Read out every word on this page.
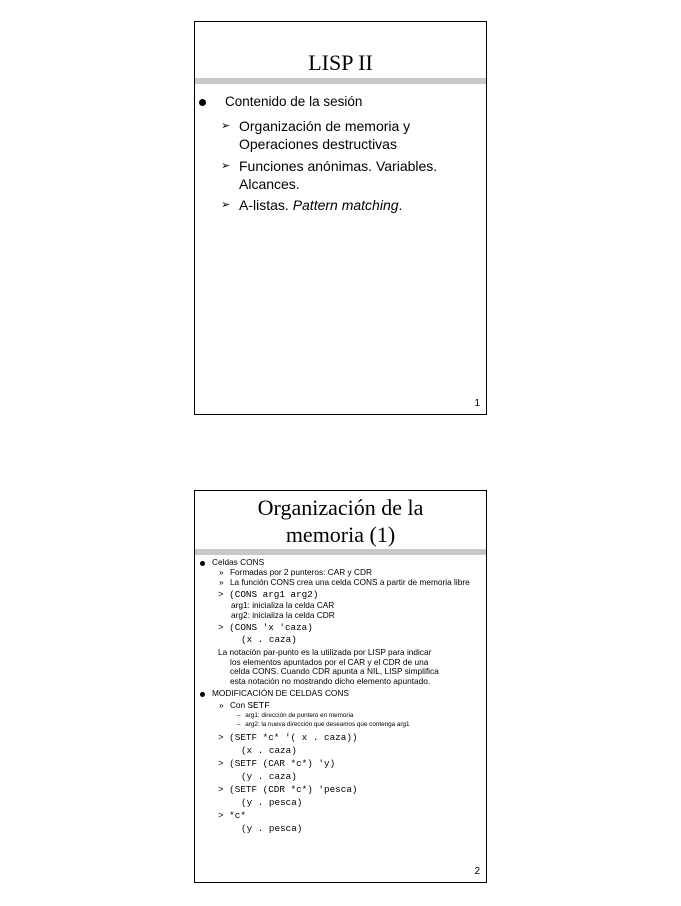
LISP II
Contenido de la sesión
➢ Organización de memoria y
Operaciones destructivas
➢ Funciones anónimas. Variables.
Alcances.
➢ A-listas. Pattern matching.
1
Organización de la
memoria (1)
Celdas CONS
» Formadas por 2 punteros: CAR y CDR
» La función CONS crea una celda CONS a partir de memoria libre
> (CONS arg1 arg2)
arg1: inicializa la celda CAR
arg2: inicializa la celda CDR
> (CONS 'x 'caza)
(x . caza)
La notación par-punto es la utilizada por LISP para indicar
los elementos apuntados por el CAR y el CDR de una
celda CONS. Cuando CDR apunta a NIL, LISP simplifica
esta notación no mostrando dicho elemento apuntado.
MODIFICACIÓN DE CELDAS CONS
» Con SETF
– arg1: dirección de puntero en memoria
– arg2: la nueva dirección que deseamos que contenga arg1
> (SETF *c* '( x . caza))
(x . caza)
> (SETF (CAR *c*) 'y)
(y . caza)
> (SETF (CDR *c*) 'pesca)
(y . pesca)
> *c*
(y . pesca)
2
